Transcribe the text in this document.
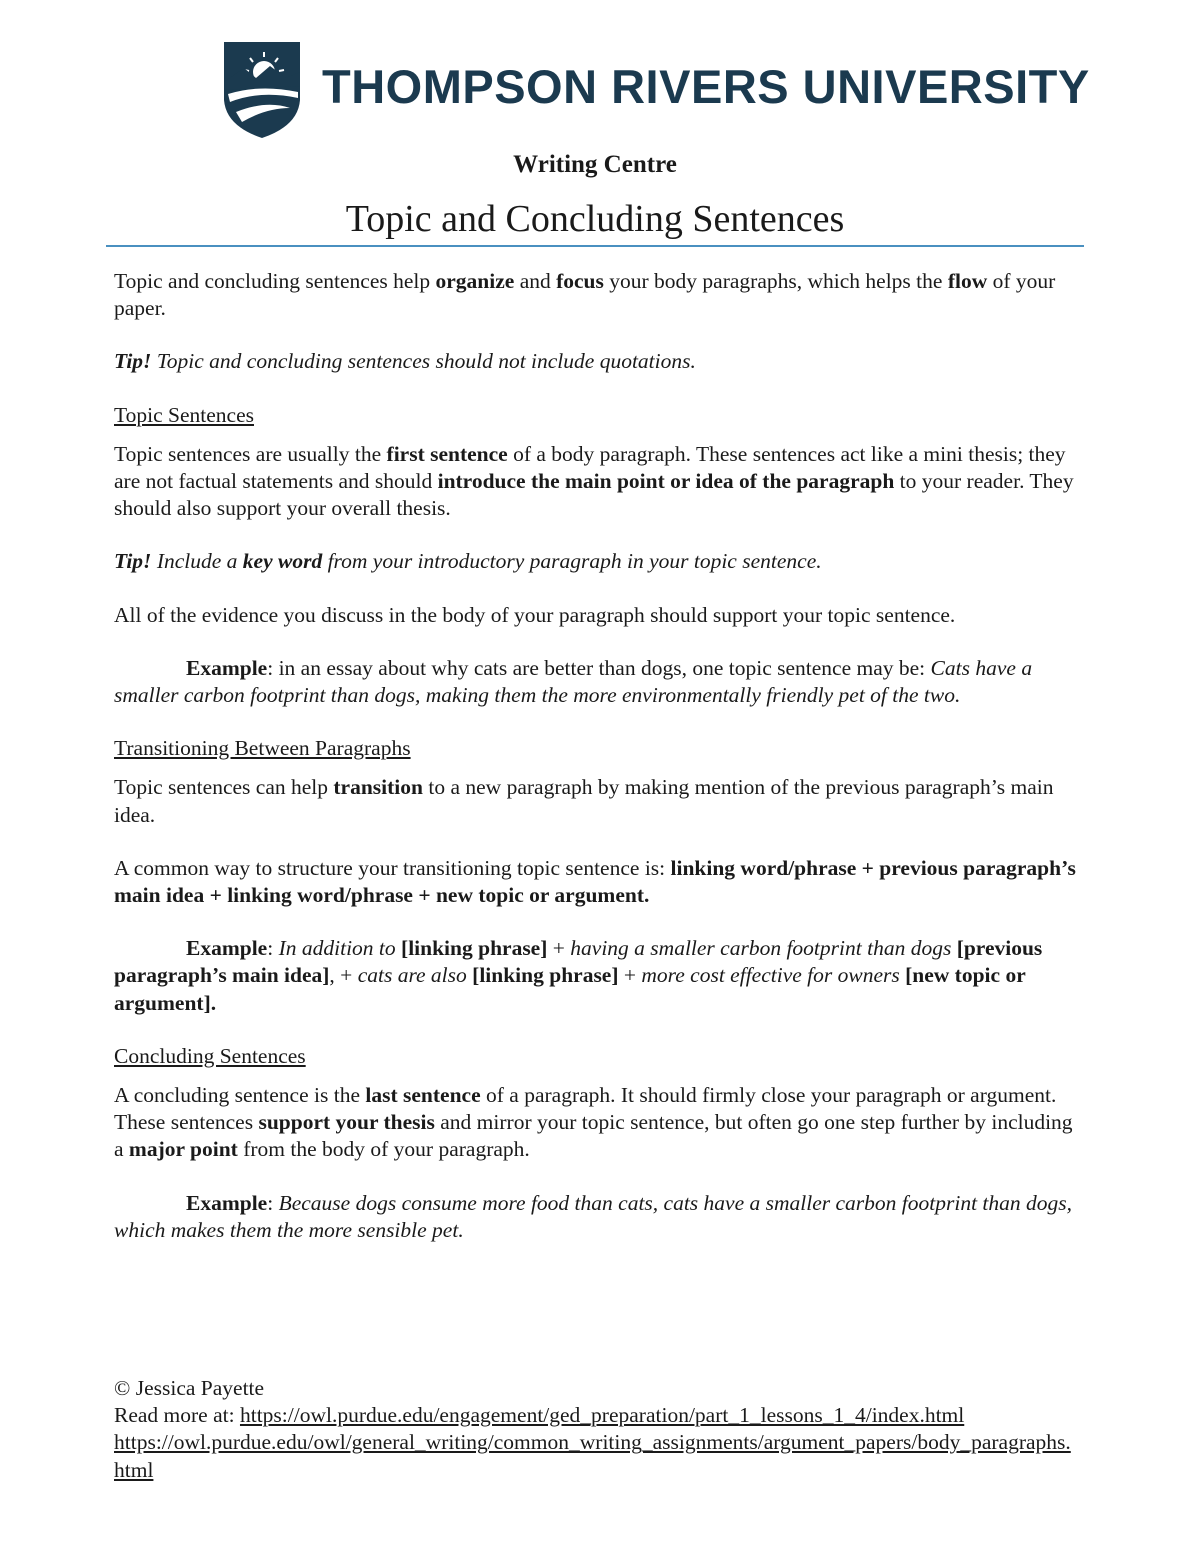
THOMPSON RIVERS UNIVERSITY
Writing Centre
Topic and Concluding Sentences

Topic and concluding sentences help organize and focus your body paragraphs, which helps the flow of your paper.

Tip! Topic and concluding sentences should not include quotations.

Topic Sentences

Topic sentences are usually the first sentence of a body paragraph. These sentences act like a mini thesis; they are not factual statements and should introduce the main point or idea of the paragraph to your reader. They should also support your overall thesis.

Tip! Include a key word from your introductory paragraph in your topic sentence.

All of the evidence you discuss in the body of your paragraph should support your topic sentence.

Example: in an essay about why cats are better than dogs, one topic sentence may be: Cats have a smaller carbon footprint than dogs, making them the more environmentally friendly pet of the two.

Transitioning Between Paragraphs

Topic sentences can help transition to a new paragraph by making mention of the previous paragraph’s main idea.

A common way to structure your transitioning topic sentence is: linking word/phrase + previous paragraph’s main idea + linking word/phrase + new topic or argument.

Example: In addition to [linking phrase] + having a smaller carbon footprint than dogs [previous paragraph’s main idea], + cats are also [linking phrase] + more cost effective for owners [new topic or argument].

Concluding Sentences

A concluding sentence is the last sentence of a paragraph. It should firmly close your paragraph or argument. These sentences support your thesis and mirror your topic sentence, but often go one step further by including a major point from the body of your paragraph.

Example: Because dogs consume more food than cats, cats have a smaller carbon footprint than dogs, which makes them the more sensible pet.

© Jessica Payette
Read more at: https://owl.purdue.edu/engagement/ged_preparation/part_1_lessons_1_4/index.html
https://owl.purdue.edu/owl/general_writing/common_writing_assignments/argument_papers/body_paragraphs.html
